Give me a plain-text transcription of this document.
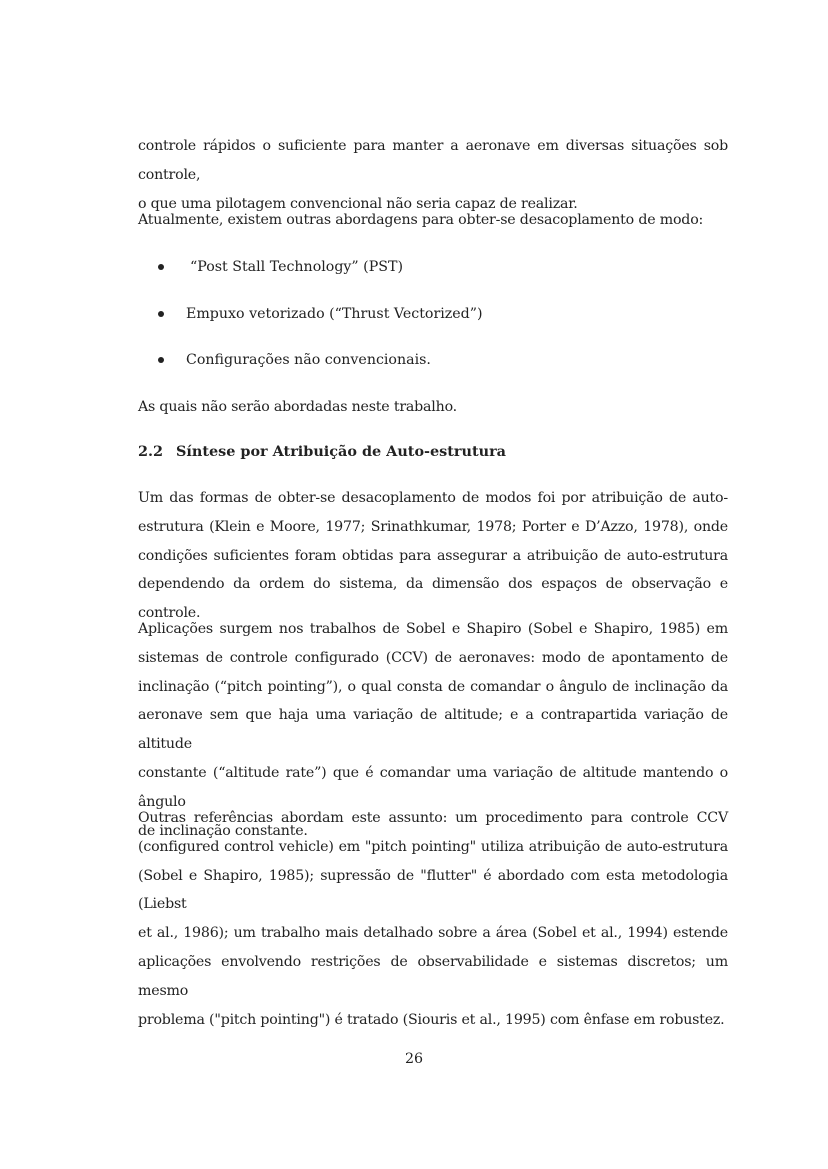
controle rápidos o suficiente para manter a aeronave em diversas situações sob controle,
o que uma pilotagem convencional não seria capaz de realizar.
Atualmente, existem outras abordagens para obter-se desacoplamento de modo:
“Post Stall Technology” (PST)
Empuxo vetorizado (“Thrust Vectorized”)
Configurações não convencionais.
As quais não serão abordadas neste trabalho.
2.2 Síntese por Atribuição de Auto-estrutura
Um das formas de obter-se desacoplamento de modos foi por atribuição de auto-
estrutura (Klein e Moore, 1977; Srinathkumar, 1978; Porter e D’Azzo, 1978), onde
condições suficientes foram obtidas para assegurar a atribuição de auto-estrutura
dependendo da ordem do sistema, da dimensão dos espaços de observação e controle.
Aplicações surgem nos trabalhos de Sobel e Shapiro (Sobel e Shapiro, 1985) em
sistemas de controle configurado (CCV) de aeronaves: modo de apontamento de
inclinação (“pitch pointing”), o qual consta de comandar o ângulo de inclinação da
aeronave sem que haja uma variação de altitude; e a contrapartida variação de altitude
constante (“altitude rate”) que é comandar uma variação de altitude mantendo o ângulo
de inclinação constante.
Outras referências abordam este assunto: um procedimento para controle CCV
(configured control vehicle) em "pitch pointing" utiliza atribuição de auto-estrutura
(Sobel e Shapiro, 1985); supressão de "flutter" é abordado com esta metodologia (Liebst
et al., 1986); um trabalho mais detalhado sobre a área (Sobel et al., 1994) estende
aplicações envolvendo restrições de observabilidade e sistemas discretos; um mesmo
problema ("pitch pointing") é tratado (Siouris et al., 1995) com ênfase em robustez.
26
